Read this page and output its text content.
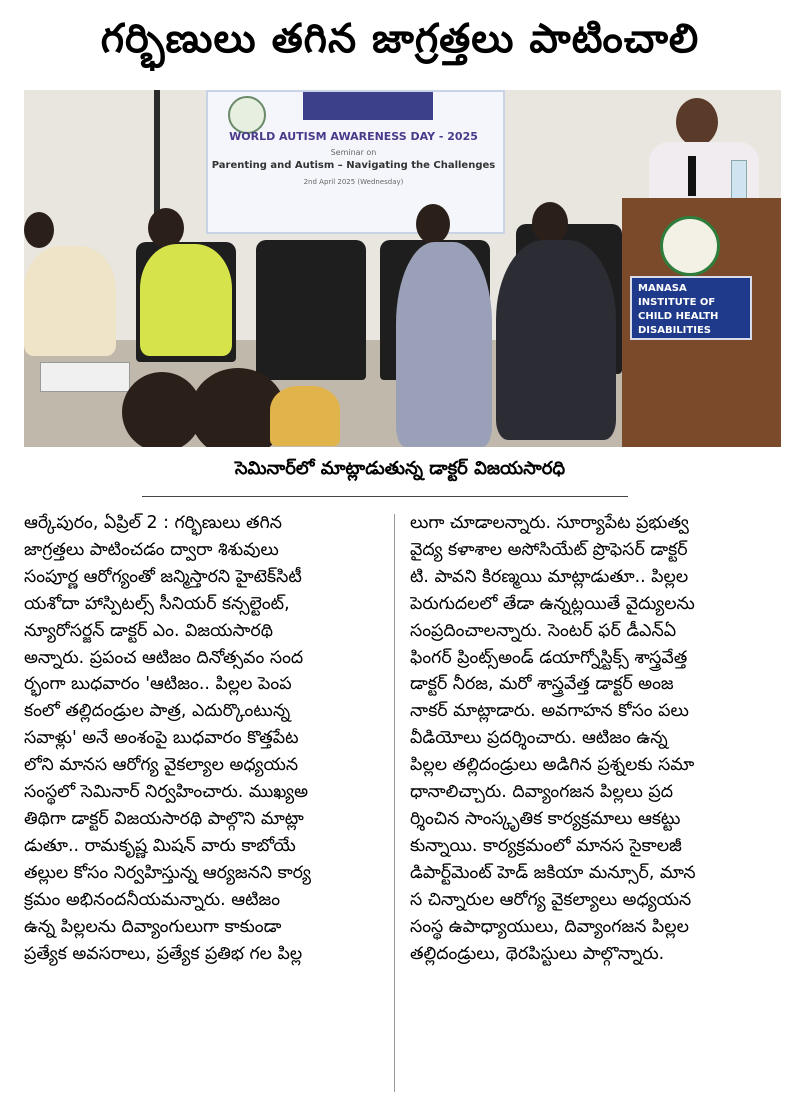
గర్భిణులు తగిన జాగ్రత్తలు పాటించాలి
WORLD AUTISM AWARENESS DAY - 2025
Seminar on
Parenting and Autism – Navigating the Challenges
2nd April 2025 (Wednesday)
MANASA
INSTITUTE OF
CHILD HEALTH
DISABILITIES
సెమినార్‌లో మాట్లాడుతున్న డాక్టర్ విజయసారధి
ఆర్కేపురం, ఏప్రిల్ 2 : గర్భిణులు తగిన
జాగ్రత్తలు పాటించడం ద్వారా శిశువులు
సంపూర్ణ ఆరోగ్యంతో జన్మిస్తారని హైటెక్‌సిటీ
యశోదా హాస్పిటల్స్ సీనియర్ కన్సల్టెంట్,
న్యూరోసర్జన్ డాక్టర్ ఎం. విజయసారథి
అన్నారు. ప్రపంచ ఆటిజం దినోత్సవం సంద
ర్భంగా బుధవారం 'ఆటిజం.. పిల్లల పెంప
కంలో తల్లిదండ్రుల పాత్ర, ఎదుర్కొంటున్న
సవాళ్లు' అనే అంశంపై బుధవారం కొత్తపేట
లోని మానస ఆరోగ్య వైకల్యాల అధ్యయన
సంస్థలో సెమినార్ నిర్వహించారు. ముఖ్యఅ
తిథిగా డాక్టర్ విజయసారథి పాల్గొని మాట్లా
డుతూ.. రామకృష్ణ మిషన్ వారు కాబోయే
తల్లుల కోసం నిర్వహిస్తున్న ఆర్యజనని కార్య
క్రమం అభినందనీయమన్నారు. ఆటిజం
ఉన్న పిల్లలను దివ్యాంగులుగా కాకుండా
ప్రత్యేక అవసరాలు, ప్రత్యేక ప్రతిభ గల పిల్ల
లుగా చూడాలన్నారు. సూర్యాపేట ప్రభుత్వ
వైద్య కళాశాల అసోసియేట్ ప్రొఫెసర్ డాక్టర్
టి. పావని కిరణ్మయి మాట్లాడుతూ.. పిల్లల
పెరుగుదలలో తేడా ఉన్నట్లయితే వైద్యులను
సంప్రదించాలన్నారు. సెంటర్ ఫర్ డీఎన్‌ఏ
ఫింగర్ ప్రింట్స్‌అండ్ డయాగ్నోస్టిక్స్ శాస్త్రవేత్త
డాక్టర్ నీరజ, మరో శాస్త్రవేత్త డాక్టర్ అంజ
నాకర్ మాట్లాడారు. అవగాహన కోసం పలు
వీడియోలు ప్రదర్శించారు. ఆటిజం ఉన్న
పిల్లల తల్లిదండ్రులు అడిగిన ప్రశ్నలకు సమా
ధానాలిచ్చారు. దివ్యాంగజన పిల్లలు ప్రద
ర్శించిన సాంస్కృతిక కార్యక్రమాలు ఆకట్టు
కున్నాయి. కార్యక్రమంలో మానస సైకాలజీ
డిపార్ట్‌మెంట్ హెడ్ జకియా మన్సూర్, మాన
స చిన్నారుల ఆరోగ్య వైకల్యాలు అధ్యయన
సంస్థ ఉపాధ్యాయులు, దివ్యాంగజన పిల్లల
తల్లిదండ్రులు, థెరపిస్టులు పాల్గొన్నారు.
